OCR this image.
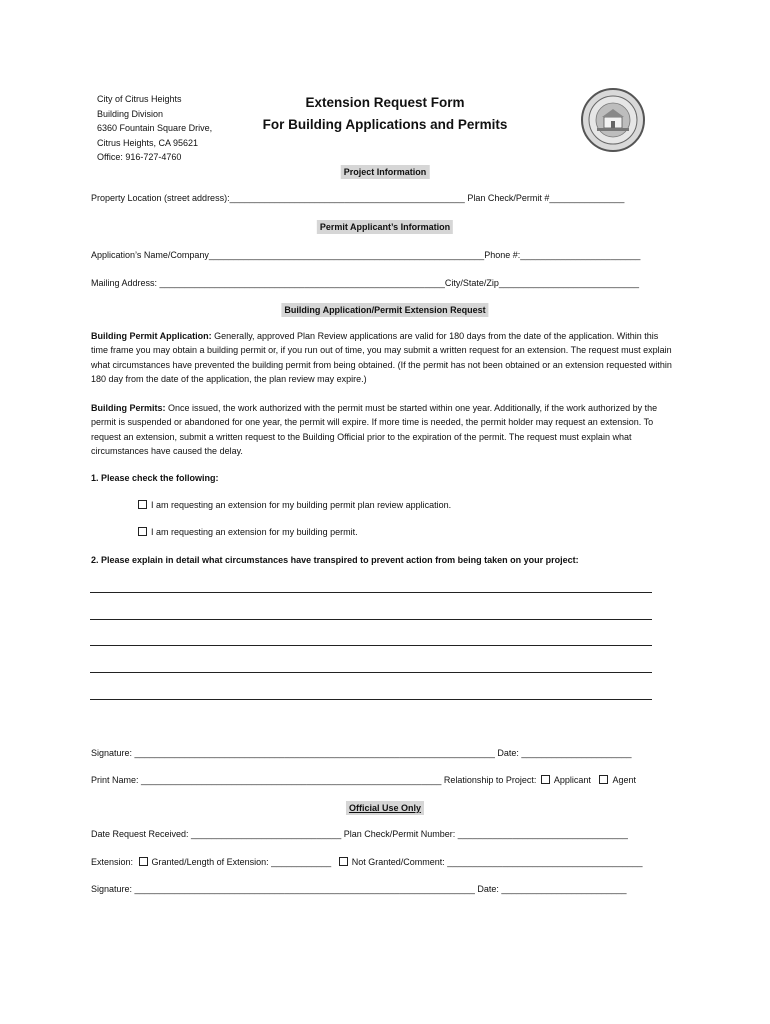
City of Citrus Heights
Building Division
6360 Fountain Square Drive,
Citrus Heights, CA 95621
Office: 916-727-4760
Extension Request Form
For Building Applications and Permits
Project Information
Property Location (street address):_______________________________________________ Plan Check/Permit #_______________
Permit Applicant’s Information
Application’s Name/Company_______________________________________________________Phone #:________________________
Mailing Address: _________________________________________________________City/State/Zip____________________________
Building Application/Permit Extension Request
Building Permit Application: Generally, approved Plan Review applications are valid for 180 days from the date of the application. Within this time frame you may obtain a building permit or, if you run out of time, you may submit a written request for an extension. The request must explain what circumstances have prevented the building permit from being obtained. (If the permit has not been obtained or an extension requested within 180 day from the date of the application, the plan review may expire.)
Building Permits: Once issued, the work authorized with the permit must be started within one year. Additionally, if the work authorized by the permit is suspended or abandoned for one year, the permit will expire. If more time is needed, the permit holder may request an extension. To request an extension, submit a written request to the Building Official prior to the expiration of the permit. The request must explain what circumstances have caused the delay.
1. Please check the following:
I am requesting an extension for my building permit plan review application.
I am requesting an extension for my building permit.
2. Please explain in detail what circumstances have transpired to prevent action from being taken on your project:
Signature: ________________________________________________________________________ Date: ______________________
Print Name: ____________________________________________________________ Relationship to Project: Applicant Agent
Official Use Only
Date Request Received: ______________________________ Plan Check/Permit Number: __________________________________
Extension: Granted/Length of Extension: ____________ Not Granted/Comment: _______________________________________
Signature: ____________________________________________________________________ Date: _________________________
